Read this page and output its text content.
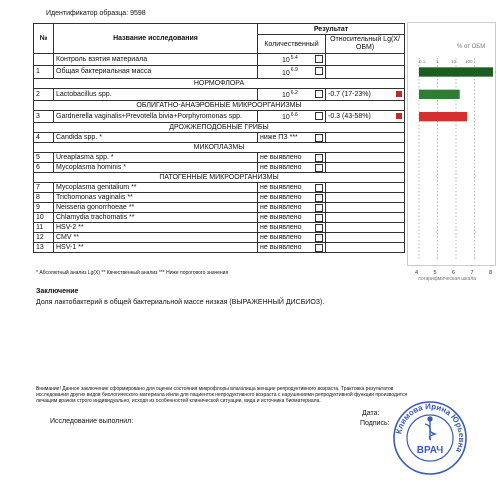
Идентификатор образца: 9598
№	Название исследования	Результат	
		Количественный	Относительный Lg(X/ОБМ)
	Контроль взятия материала	$10^{5.4}$

1	Общая бактериальная масса	$10^{6.9}$

НОРМОФЛОРА			
2	Lactobacillus spp.	$10^{6.2}$	-0.7 (17-23%)

ОБЛИГАТНО-АНАЭРОБНЫЕ МИКРООРГАНИЗМЫ			
3	Gardnerella vaginalis+Prevotella bivia+Porphyromonas spp.	$10^{6.6}$	-0.3 (43-58%)

ДРОЖЖЕПОДОБНЫЕ ГРИБЫ			
4	Candida spp. *	ниже ПЗ ***

МИКОПЛАЗМЫ			
5	Ureaplasma spp. *	не выявлено

6	Mycoplasma hominis *	не выявлено

ПАТОГЕННЫЕ МИКРООРГАНИЗМЫ			
7	Mycoplasma genitalium **	не выявлено

8	Trichomonas vaginalis **	не выявлено

9	Neisseria gonorrhoeae **	не выявлено

10	Chlamydia trachomatis **	не выявлено

11	HSV-2 **	не выявлено

12	CMV **	не выявлено

13	HSV-1 **	не выявлено

% от ОБМ
0.1 1	10 100
4	5	6	7	8
* Абсолютный анализ Lg(X) ** Качественный анализ *** Ниже порогового значения
Заключение
Доля лактобактерий в общей бактериальной массе низкая (ВЫРАЖЕННЫЙ ДИСБИОЗ).
Внимание! Данное заключение сформировано для оценки состояния микрофлоры влагалища женщин репродуктивного возраста. Трактовка результатов
исследования других видов биологического материала и/или для пациенток непродуктивного возраста с нарушениями репродуктивной функции производится
лечащим врачом строго индивидуально, исходя из особенностей клинической ситуации, вида и источника биоматериала.
Исследование выполнил:
Дата:
Подпись:
Климова Ирина Юрьевна
ВРАЧ
логарифмическая шкала
